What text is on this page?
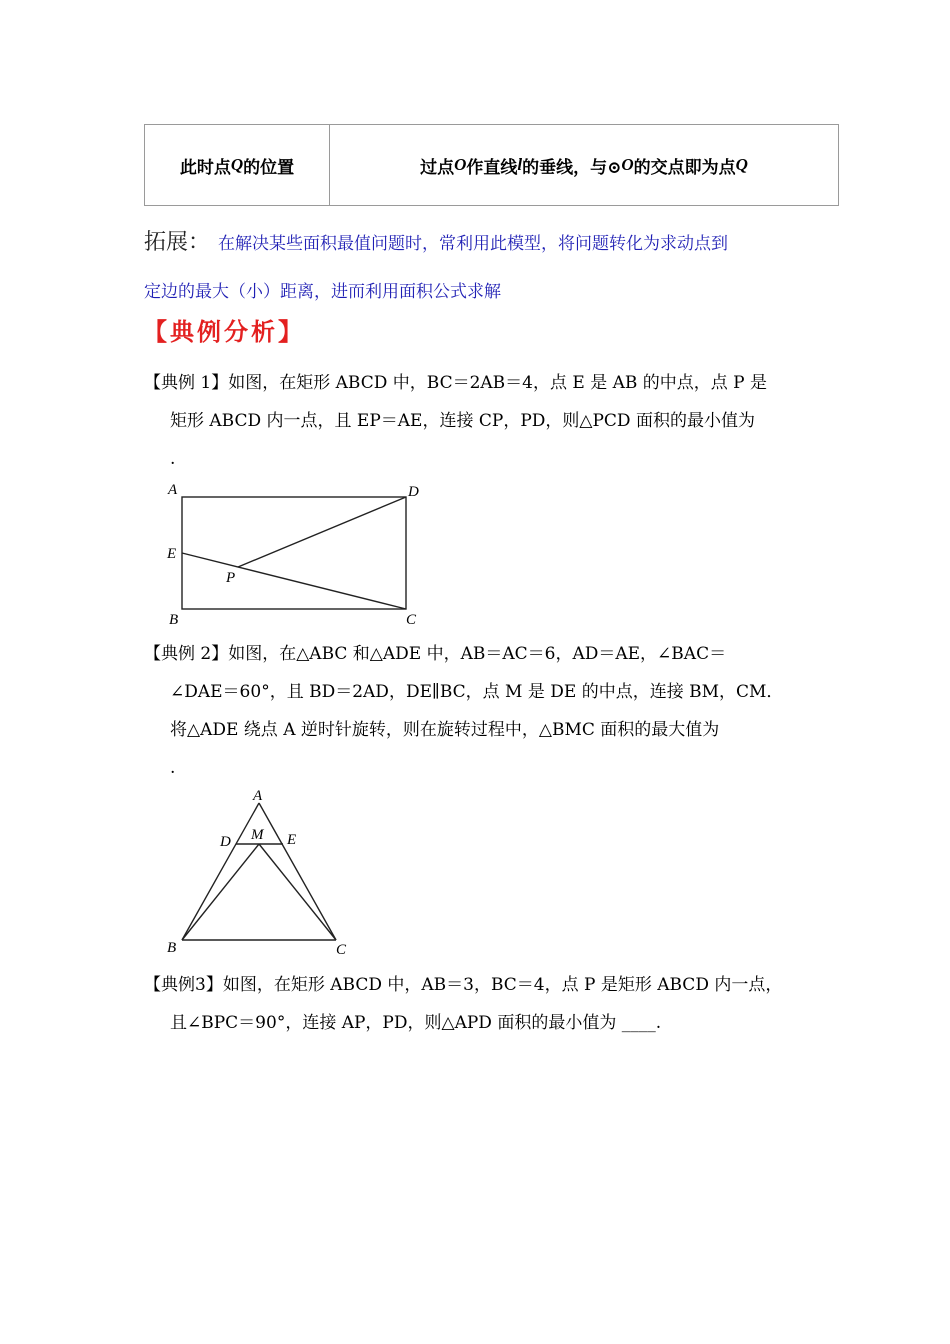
此时点 Q 的位置	过点 O 作直线 l 的垂线，与⊙ O 的交点即为点 Q
拓展： 在解决某些面积最值问题时，常利用此模型，将问题转化为求动点到
定边的最大（小）距离，进而利用面积公式求解
【典例分析】
【典例 1】如图，在矩形 ABCD 中，BC＝2AB＝4，点 E 是 AB 的中点，点 P 是
矩形 ABCD 内一点，且 EP＝AE，连接 CP，PD，则△PCD 面积的最小值为
.
A	D
E
P
B	C
【典例 2】如图，在△ABC 和△ADE 中，AB＝AC＝6，AD＝AE，∠BAC＝
∠DAE＝60°，且 BD＝2AD，DE∥BC，点 M 是 DE 的中点，连接 BM，CM．
将△ADE 绕点 A 逆时针旋转，则在旋转过程中，△BMC 面积的最大值为
.
A
M
D	E
B	C
【典例3】如图，在矩形 ABCD 中，AB＝3，BC＝4，点 P 是矩形 ABCD 内一点，
且∠BPC＝90°，连接 AP，PD，则△APD 面积的最小值为 ____.
